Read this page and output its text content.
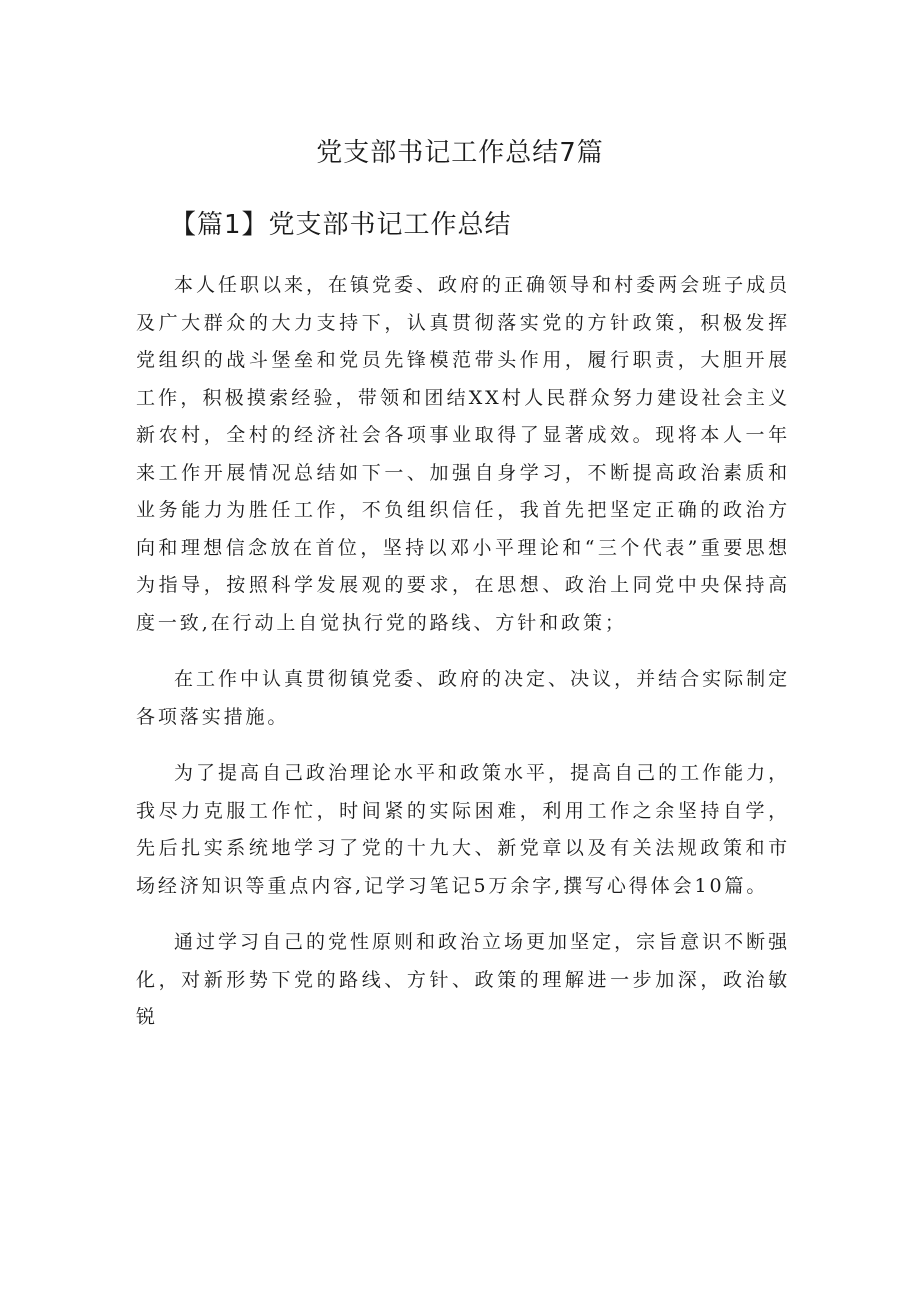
党支部书记工作总结7篇
【篇1】党支部书记工作总结

本人任职以来，在镇党委、政府的正确领导和村委两会班子成员及广大群众的大力支持下，认真贯彻落实党的方针政策，积极发挥党组织的战斗堡垒和党员先锋模范带头作用，履行职责，大胆开展工作，积极摸索经验，带领和团结XX村人民群众努力建设社会主义新农村，全村的经济社会各项事业取得了显著成效。现将本人一年来工作开展情况总结如下一、加强自身学习，不断提高政治素质和业务能力为胜任工作，不负组织信任，我首先把坚定正确的政治方向和理想信念放在首位，坚持以邓小平理论和“三个代表”重要思想为指导，按照科学发展观的要求，在思想、政治上同党中央保持高度一致,在行动上自觉执行党的路线、方针和政策；

在工作中认真贯彻镇党委、政府的决定、决议，并结合实际制定各项落实措施。

为了提高自己政治理论水平和政策水平，提高自己的工作能力，我尽力克服工作忙，时间紧的实际困难，利用工作之余坚持自学，先后扎实系统地学习了党的十九大、新党章以及有关法规政策和市场经济知识等重点内容,记学习笔记5万余字,撰写心得体会10篇。

通过学习自己的党性原则和政治立场更加坚定，宗旨意识不断强化，对新形势下党的路线、方针、政策的理解进一步加深，政治敏锐
